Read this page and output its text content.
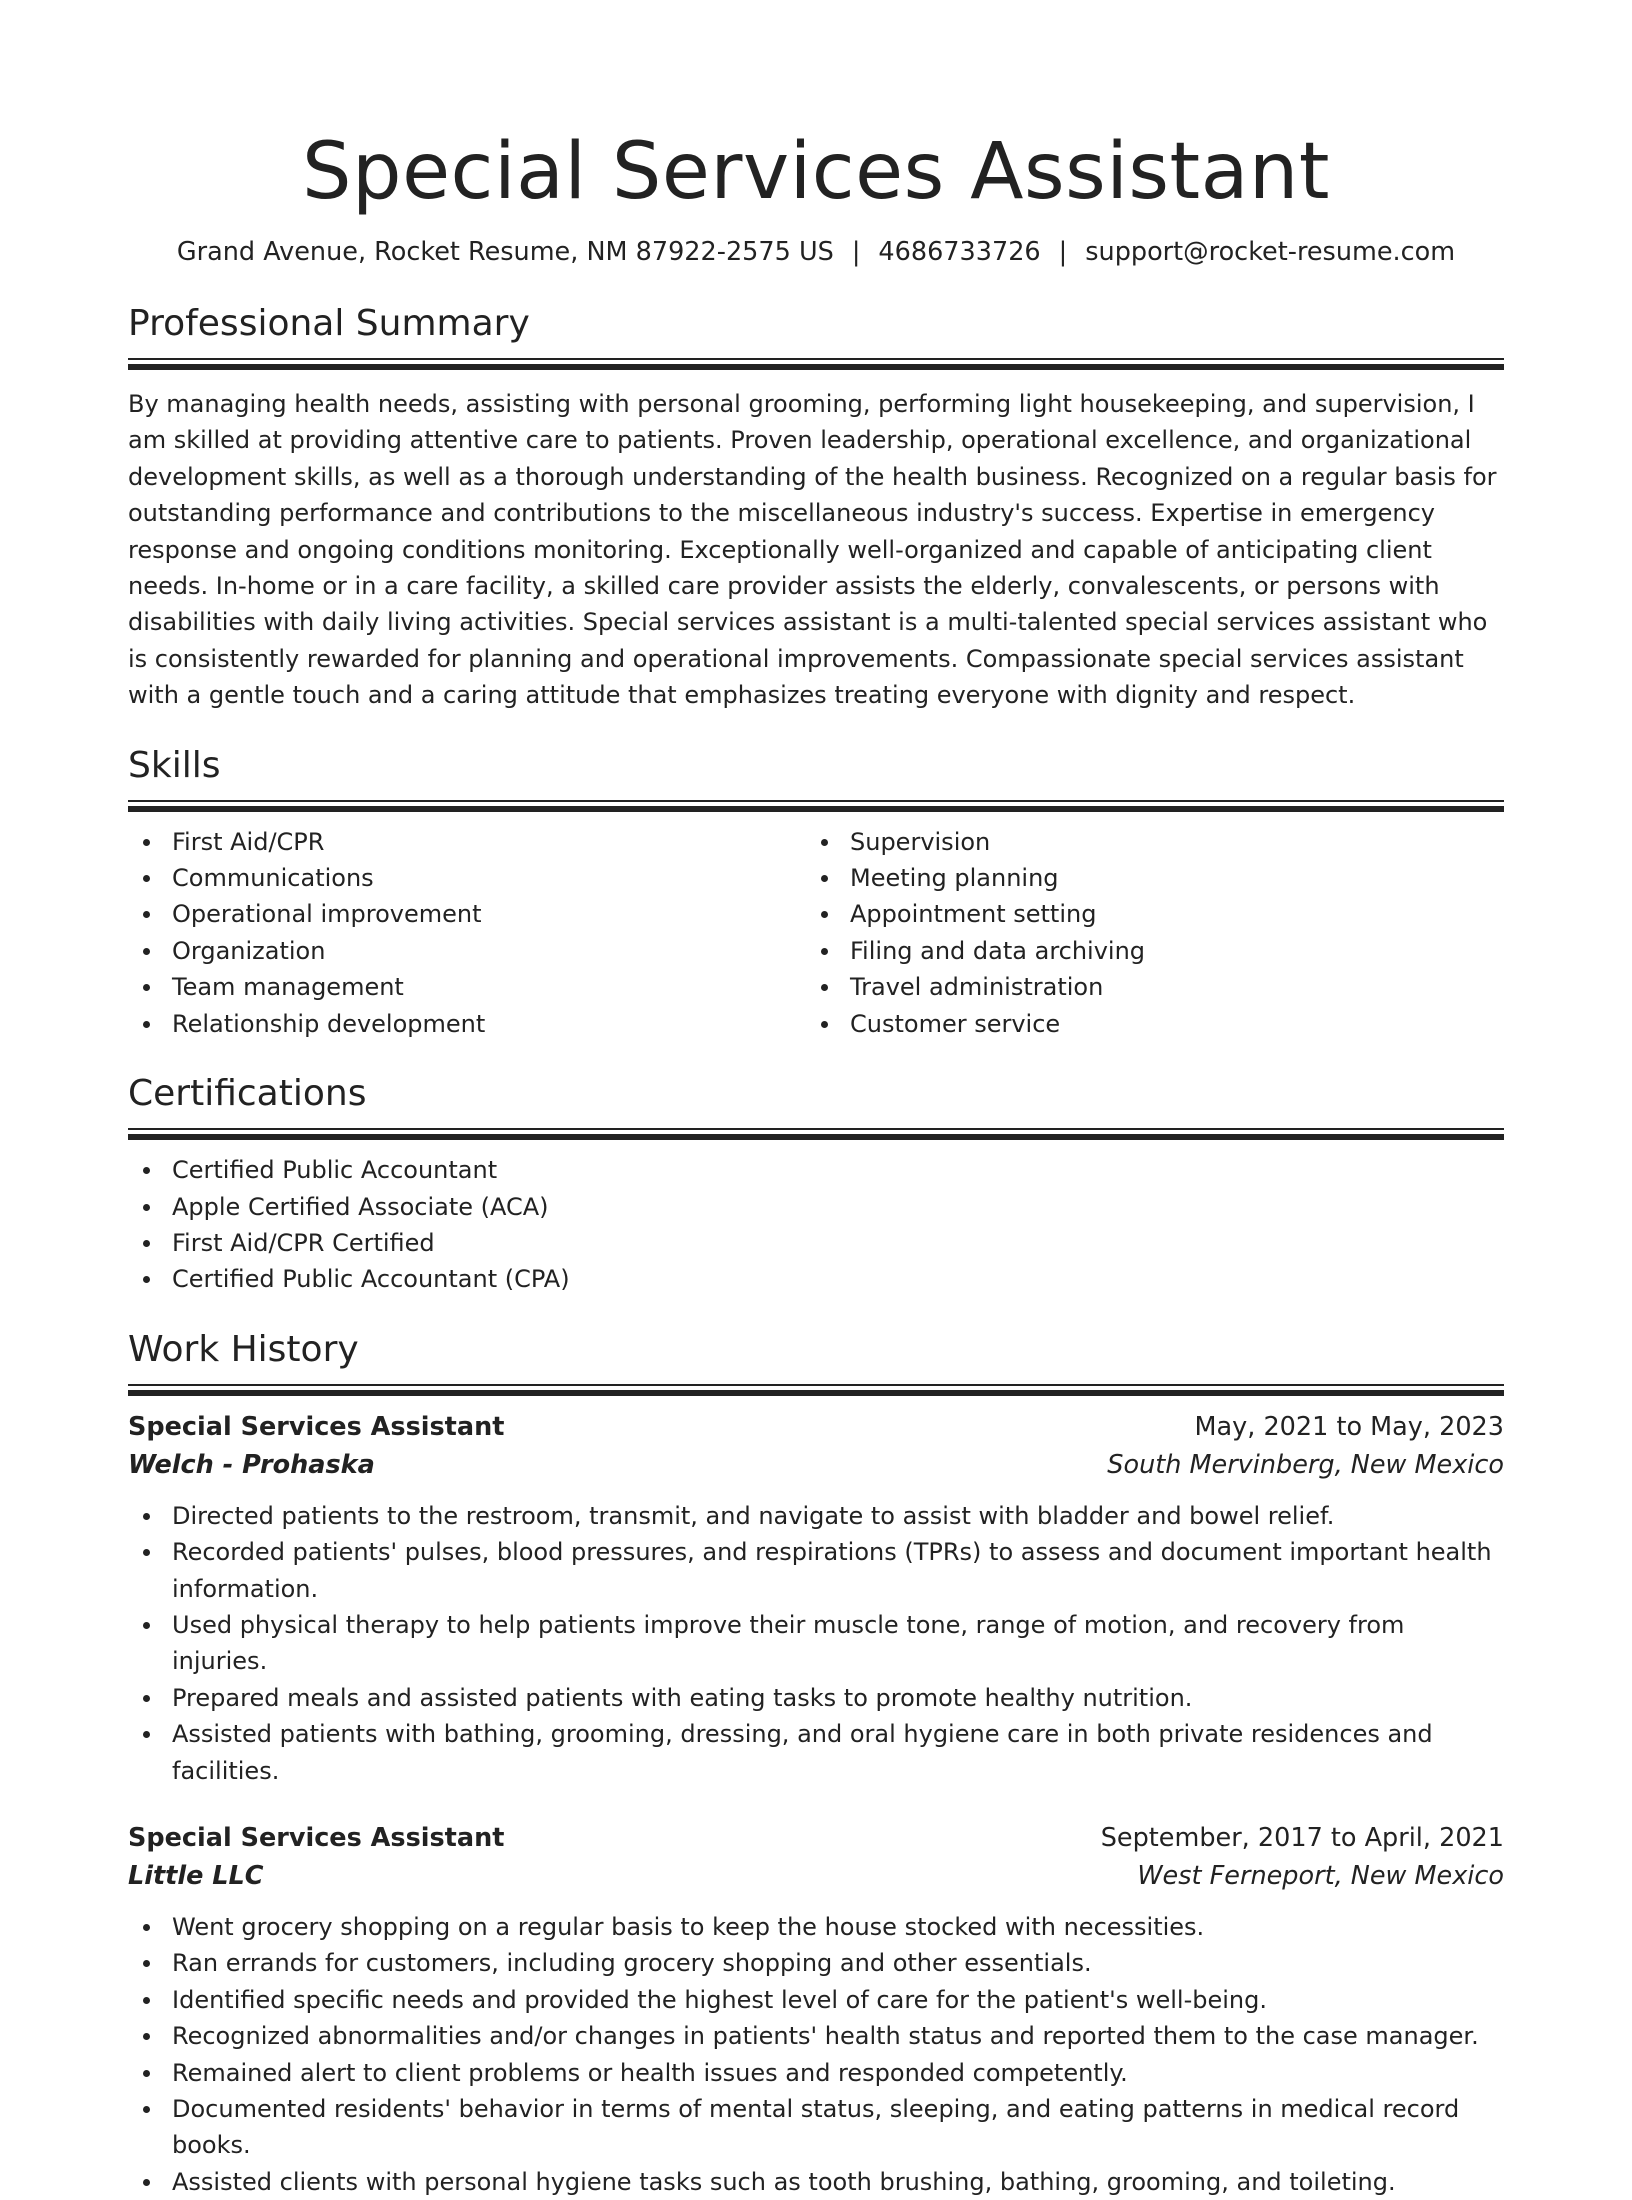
Special Services Assistant
Grand Avenue, Rocket Resume, NM 87922-2575 US | 4686733726 | support@rocket-resume.com
Professional Summary
By managing health needs, assisting with personal grooming, performing light housekeeping, and supervision, I am skilled at providing attentive care to patients. Proven leadership, operational excellence, and organizational development skills, as well as a thorough understanding of the health business. Recognized on a regular basis for outstanding performance and contributions to the miscellaneous industry's success. Expertise in emergency response and ongoing conditions monitoring. Exceptionally well-organized and capable of anticipating client needs. In-home or in a care facility, a skilled care provider assists the elderly, convalescents, or persons with disabilities with daily living activities. Special services assistant is a multi-talented special services assistant who is consistently rewarded for planning and operational improvements. Compassionate special services assistant with a gentle touch and a caring attitude that emphasizes treating everyone with dignity and respect.
Skills
First Aid/CPR
Communications
Operational improvement
Organization
Team management
Relationship development
Supervision
Meeting planning
Appointment setting
Filing and data archiving
Travel administration
Customer service
Certifications
Certified Public Accountant
Apple Certified Associate (ACA)
First Aid/CPR Certified
Certified Public Accountant (CPA)
Work History
Special Services Assistant	May, 2021 to May, 2023
Welch - Prohaska	South Mervinberg, New Mexico
Directed patients to the restroom, transmit, and navigate to assist with bladder and bowel relief.
Recorded patients' pulses, blood pressures, and respirations (TPRs) to assess and document important health information.
Used physical therapy to help patients improve their muscle tone, range of motion, and recovery from injuries.
Prepared meals and assisted patients with eating tasks to promote healthy nutrition.
Assisted patients with bathing, grooming, dressing, and oral hygiene care in both private residences and facilities.
Special Services Assistant	September, 2017 to April, 2021
Little LLC	West Ferneport, New Mexico
Went grocery shopping on a regular basis to keep the house stocked with necessities.
Ran errands for customers, including grocery shopping and other essentials.
Identified specific needs and provided the highest level of care for the patient's well-being.
Recognized abnormalities and/or changes in patients' health status and reported them to the case manager.
Remained alert to client problems or health issues and responded competently.
Documented residents' behavior in terms of mental status, sleeping, and eating patterns in medical record books.
Assisted clients with personal hygiene tasks such as tooth brushing, bathing, grooming, and toileting.
